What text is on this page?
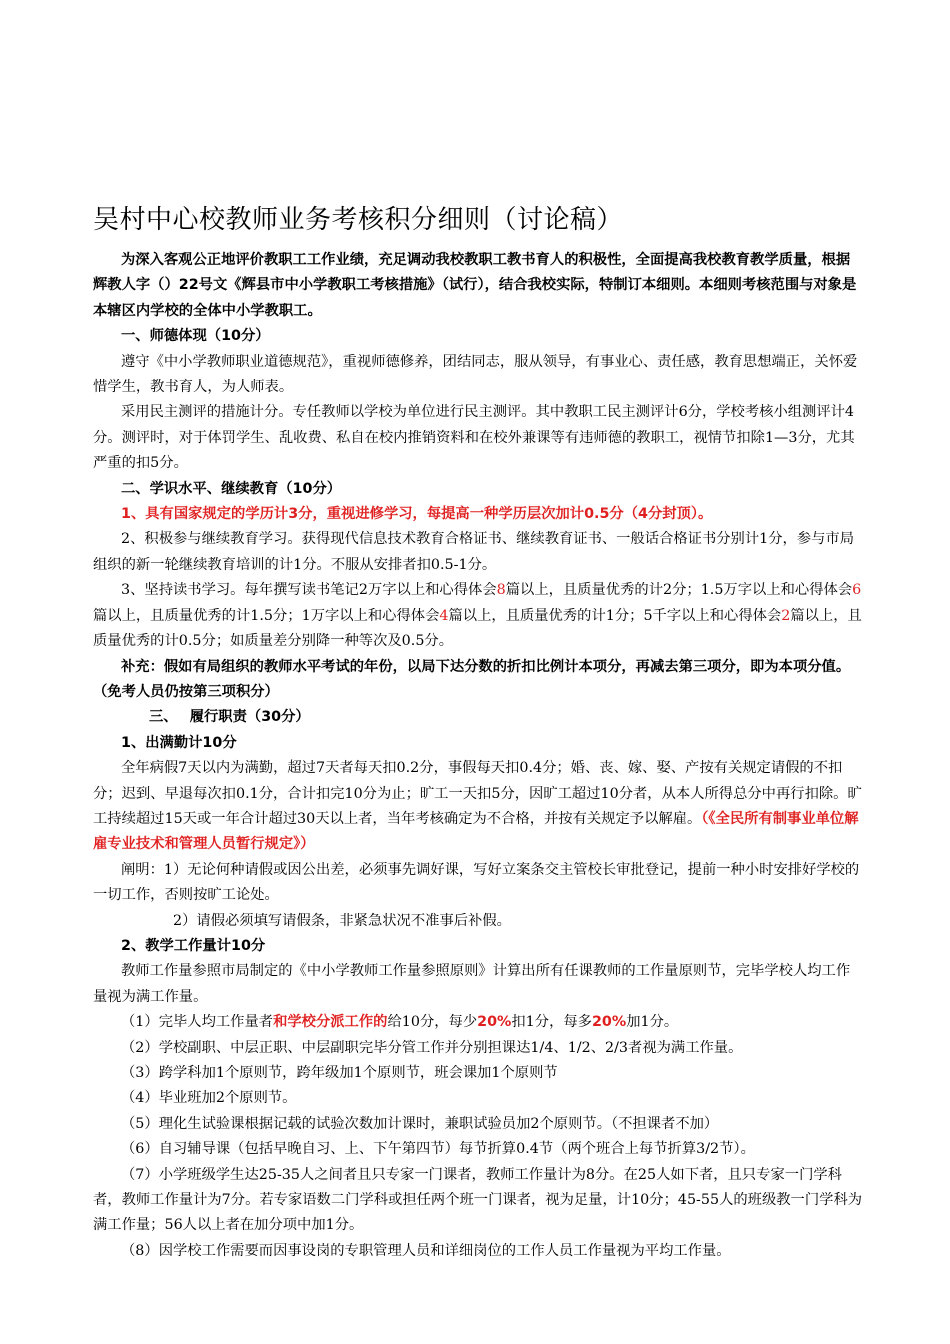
吴村中心校教师业务考核积分细则（讨论稿）

为深入客观公正地评价教职工工作业绩，充足调动我校教职工教书育人的积极性，全面提高我校教育教学质量，根据辉教人字（）22号文《辉县市中小学教职工考核措施》（试行），结合我校实际，特制订本细则。本细则考核范围与对象是本辖区内学校的全体中小学教职工。

一、师德体现（10分）

遵守《中小学教师职业道德规范》，重视师德修养，团结同志，服从领导，有事业心、责任感，教育思想端正，关怀爱惜学生，教书育人，为人师表。

采用民主测评的措施计分。专任教师以学校为单位进行民主测评。其中教职工民主测评计6分，学校考核小组测评计4分。测评时，对于体罚学生、乱收费、私自在校内推销资料和在校外兼课等有违师德的教职工，视情节扣除1—3分，尤其严重的扣5分。

二、学识水平、继续教育（10分）

1、具有国家规定的学历计3分，重视进修学习，每提高一种学历层次加计0.5分（4分封顶）。

2、积极参与继续教育学习。获得现代信息技术教育合格证书、继续教育证书、一般话合格证书分别计1分，参与市局组织的新一轮继续教育培训的计1分。不服从安排者扣0.5-1分。

3、坚持读书学习。每年撰写读书笔记2万字以上和心得体会8篇以上，且质量优秀的计2分；1.5万字以上和心得体会6篇以上，且质量优秀的计1.5分；1万字以上和心得体会4篇以上，且质量优秀的计1分；5千字以上和心得体会2篇以上，且质量优秀的计0.5分；如质量差分别降一种等次及0.5分。

补充：假如有局组织的教师水平考试的年份，以局下达分数的折扣比例计本项分，再减去第三项分，即为本项分值。（免考人员仍按第三项积分）

三、　 履行职责（30分）

1、出满勤计10分

全年病假7天以内为满勤，超过7天者每天扣0.2分，事假每天扣0.4分；婚、丧、嫁、娶、产按有关规定请假的不扣分；迟到、早退每次扣0.1分，合计扣完10分为止；旷工一天扣5分，因旷工超过10分者，从本人所得总分中再行扣除。旷工持续超过15天或一年合计超过30天以上者，当年考核确定为不合格，并按有关规定予以解雇。（《全民所有制事业单位解雇专业技术和管理人员暂行规定》）

阐明：1）无论何种请假或因公出差，必须事先调好课，写好立案条交主管校长审批登记，提前一种小时安排好学校的一切工作，否则按旷工论处。

2）请假必须填写请假条，非紧急状况不准事后补假。

2、教学工作量计10分

教师工作量参照市局制定的《中小学教师工作量参照原则》计算出所有任课教师的工作量原则节，完毕学校人均工作量视为满工作量。

（1）完毕人均工作量者和学校分派工作的给10分，每少20%扣1分，每多20%加1分。

（2）学校副职、中层正职、中层副职完毕分管工作并分别担课达1/4、1/2、2/3者视为满工作量。

（3）跨学科加1个原则节，跨年级加1个原则节，班会课加1个原则节

（4）毕业班加2个原则节。

（5）理化生试验课根据记载的试验次数加计课时，兼职试验员加2个原则节。（不担课者不加）

（6）自习辅导课（包括早晚自习、上、下午第四节）每节折算0.4节（两个班合上每节折算3/2节）。

（7）小学班级学生达25-35人之间者且只专家一门课者，教师工作量计为8分。在25人如下者，且只专家一门学科者，教师工作量计为7分。若专家语数二门学科或担任两个班一门课者，视为足量，计10分；45-55人的班级教一门学科为满工作量；56人以上者在加分项中加1分。

（8）因学校工作需要而因事设岗的专职管理人员和详细岗位的工作人员工作量视为平均工作量。
